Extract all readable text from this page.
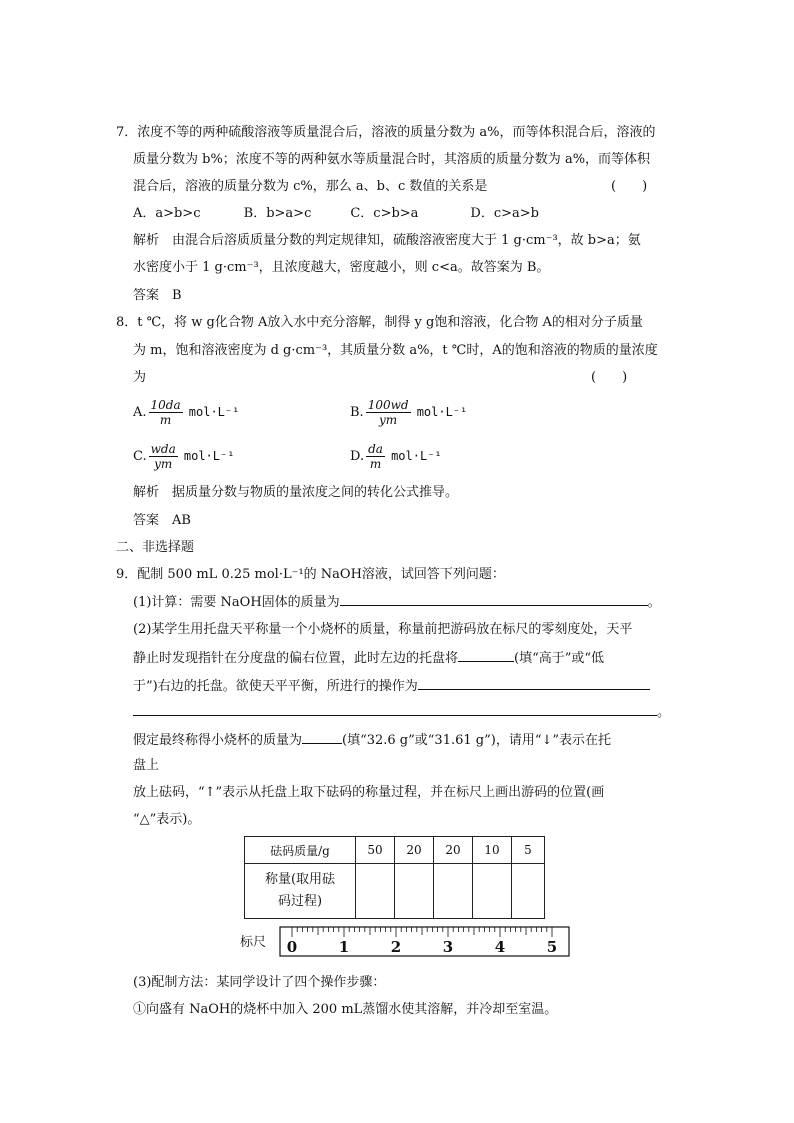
7．浓度不等的两种硫酸溶液等质量混合后，溶液的质量分数为 a%，而等体积混合后，溶液的
质量分数为 b%；浓度不等的两种氨水等质量混合时，其溶质的质量分数为 a%，而等体积
混合后，溶液的质量分数为 c%，那么 a、b、c 数值的关系是	(　　)
A．a>b>c　　　 B．b>a>c　　　C．c>b>a　　　　D．c>a>b
解析　由混合后溶质质量分数的判定规律知，硫酸溶液密度大于 1 g·cm⁻³，故 b>a；氨
水密度小于 1 g·cm⁻³，且浓度越大，密度越小，则 c<a。故答案为 B。
答案　B
8．t ℃，将 w g化合物 A放入水中充分溶解，制得 y g饱和溶液，化合物 A的相对分子质量
为 m，饱和溶液密度为 d g·cm⁻³，其质量分数 a%，t ℃时，A的饱和溶液的物质的量浓度
为	(　　)
A. $\frac{10da}{m} mol\cdot L^{-1}$	B. $\frac{100wd}{ym} mol\cdot L^{-1}$
C. $\frac{\text{wda}}{ym} mol\cdot L^{-1}$	D. $\frac{da}{m} mol\cdot L^{-1}$
解析　据质量分数与物质的量浓度之间的转化公式推导。
答案　AB
二、非选择题
9．配制 500 mL 0.25 mol·L⁻¹的 NaOH溶液，试回答下列问题：
(1)计算：需要 NaOH固体的质量为	。
(2)某学生用托盘天平称量一个小烧杯的质量，称量前把游码放在标尺的零刻度处，天平
静止时发现指针在分度盘的偏右位置，此时左边的托盘将	(填“高于”或“低
于”)右边的托盘。欲使天平平衡，所进行的操作为
。
假定最终称得小烧杯的质量为	(填“32.6 g”或“31.61 g”)，请用“↓”表示在托
盘上
放上砝码，“↑”表示从托盘上取下砝码的称量过程，并在标尺上画出游码的位置(画
“△”表示)。
砝码质量/g	50	20	20	10	5

称量(取用砝
码过程)					

标尺 0	1	2	3	4	5
(3)配制方法：某同学设计了四个操作步骤：
①向盛有 NaOH的烧杯中加入 200 mL蒸馏水使其溶解，并冷却至室温。
